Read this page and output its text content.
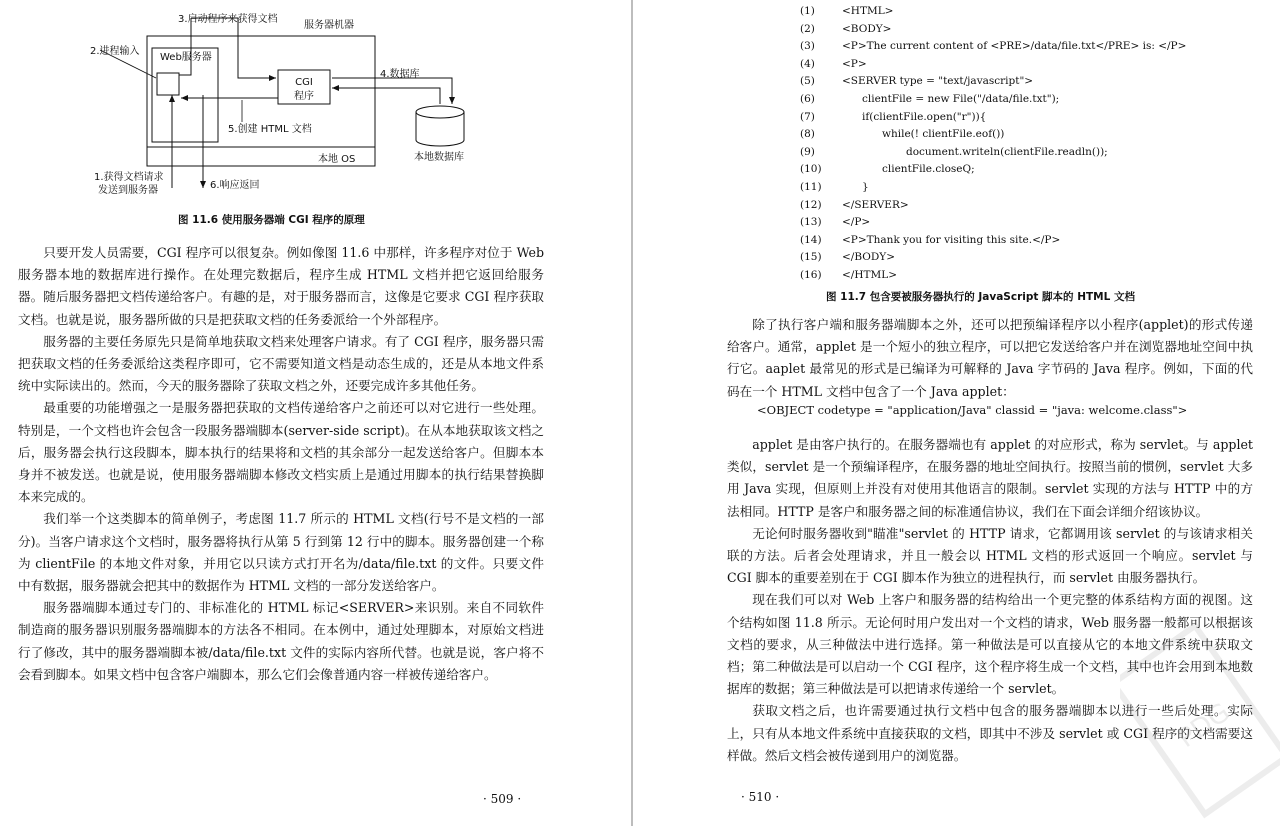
3.启动程序来获得文档
服务器机器
2.进程输入
Web服务器
CGI
程序
4.数据库
5.创建 HTML 文档
本地 OS	本地数据库
1.获得文档请求
发送到服务器	6.响应返回
图 11.6 使用服务器端 CGI 程序的原理

只要开发人员需要，CGI 程序可以很复杂。例如像图 11.6 中那样，许多程序对位于 Web 服务器本地的数据库进行操作。在处理完数据后，程序生成 HTML 文档并把它返回给服务器。随后服务器把文档传递给客户。有趣的是，对于服务器而言，这像是它要求 CGI 程序获取文档。也就是说，服务器所做的只是把获取文档的任务委派给一个外部程序。

服务器的主要任务原先只是简单地获取文档来处理客户请求。有了 CGI 程序，服务器只需把获取文档的任务委派给这类程序即可，它不需要知道文档是动态生成的，还是从本地文件系统中实际读出的。然而，今天的服务器除了获取文档之外，还要完成许多其他任务。

最重要的功能增强之一是服务器把获取的文档传递给客户之前还可以对它进行一些处理。特别是，一个文档也许会包含一段服务器端脚本(server-side script)。在从本地获取该文档之后，服务器会执行这段脚本，脚本执行的结果将和文档的其余部分一起发送给客户。但脚本本身并不被发送。也就是说，使用服务器端脚本修改文档实质上是通过用脚本的执行结果替换脚本来完成的。

我们举一个这类脚本的简单例子，考虑图 11.7 所示的 HTML 文档(行号不是文档的一部分)。当客户请求这个文档时，服务器将执行从第 5 行到第 12 行中的脚本。服务器创建一个称为 clientFile 的本地文件对象，并用它以只读方式打开名为/data/file.txt 的文件。只要文件中有数据，服务器就会把其中的数据作为 HTML 文档的一部分发送给客户。

服务器端脚本通过专门的、非标准化的 HTML 标记<SERVER>来识别。来自不同软件制造商的服务器识别服务器端脚本的方法各不相同。在本例中，通过处理脚本，对原始文档进行了修改，其中的服务器端脚本被/data/file.txt 文件的实际内容所代替。也就是说，客户将不会看到脚本。如果文档中包含客户端脚本，那么它们会像普通内容一样被传递给客户。

· 509 ·
(1)	<HTML>
(2)	<BODY>
(3)	<P>The current content of <PRE>/data/file.txt</PRE> is: </P>
(4)	<P>
(5)	<SERVER type = "text/javascript">
(6)	clientFile = new File("/data/file.txt");
(7)	if(clientFile.open("r")){
(8)	while(! clientFile.eof())
(9)	document.writeln(clientFile.readln());
(10)	clientFile.closeQ;
(11)	}
(12)	</SERVER>
(13)	</P>
(14)	<P>Thank you for visiting this site.</P>
(15)	</BODY>
(16)	</HTML>
图 11.7 包含要被服务器执行的 JavaScript 脚本的 HTML 文档

除了执行客户端和服务器端脚本之外，还可以把预编译程序以小程序(applet)的形式传递给客户。通常，applet 是一个短小的独立程序，可以把它发送给客户并在浏览器地址空间中执行它。aaplet 最常见的形式是已编译为可解释的 Java 字节码的 Java 程序。例如，下面的代码在一个 HTML 文档中包含了一个 Java applet：

<OBJECT codetype = "application/Java" classid = "java: welcome.class">

applet 是由客户执行的。在服务器端也有 applet 的对应形式，称为 servlet。与 applet 类似，servlet 是一个预编译程序，在服务器的地址空间执行。按照当前的惯例，servlet 大多用 Java 实现，但原则上并没有对使用其他语言的限制。servlet 实现的方法与 HTTP 中的方法相同。HTTP 是客户和服务器之间的标准通信协议，我们在下面会详细介绍该协议。

无论何时服务器收到"瞄准"servlet 的 HTTP 请求，它都调用该 servlet 的与该请求相关联的方法。后者会处理请求，并且一般会以 HTML 文档的形式返回一个响应。servlet 与 CGI 脚本的重要差别在于 CGI 脚本作为独立的进程执行，而 servlet 由服务器执行。

现在我们可以对 Web 上客户和服务器的结构给出一个更完整的体系结构方面的视图。这个结构如图 11.8 所示。无论何时用户发出对一个文档的请求，Web 服务器一般都可以根据该文档的要求，从三种做法中进行选择。第一种做法是可以直接从它的本地文件系统中获取文档；第二种做法是可以启动一个 CGI 程序，这个程序将生成一个文档，其中也许会用到本地数据库的数据；第三种做法是可以把请求传递给一个 servlet。

获取文档之后，也许需要通过执行文档中包含的服务器端脚本以进行一些后处理。实际上，只有从本地文件系统中直接获取的文档，即其中不涉及 servlet 或 CGI 程序的文档需要这样做。然后文档会被传递到用户的浏览器。

· 510 ·
PDG
